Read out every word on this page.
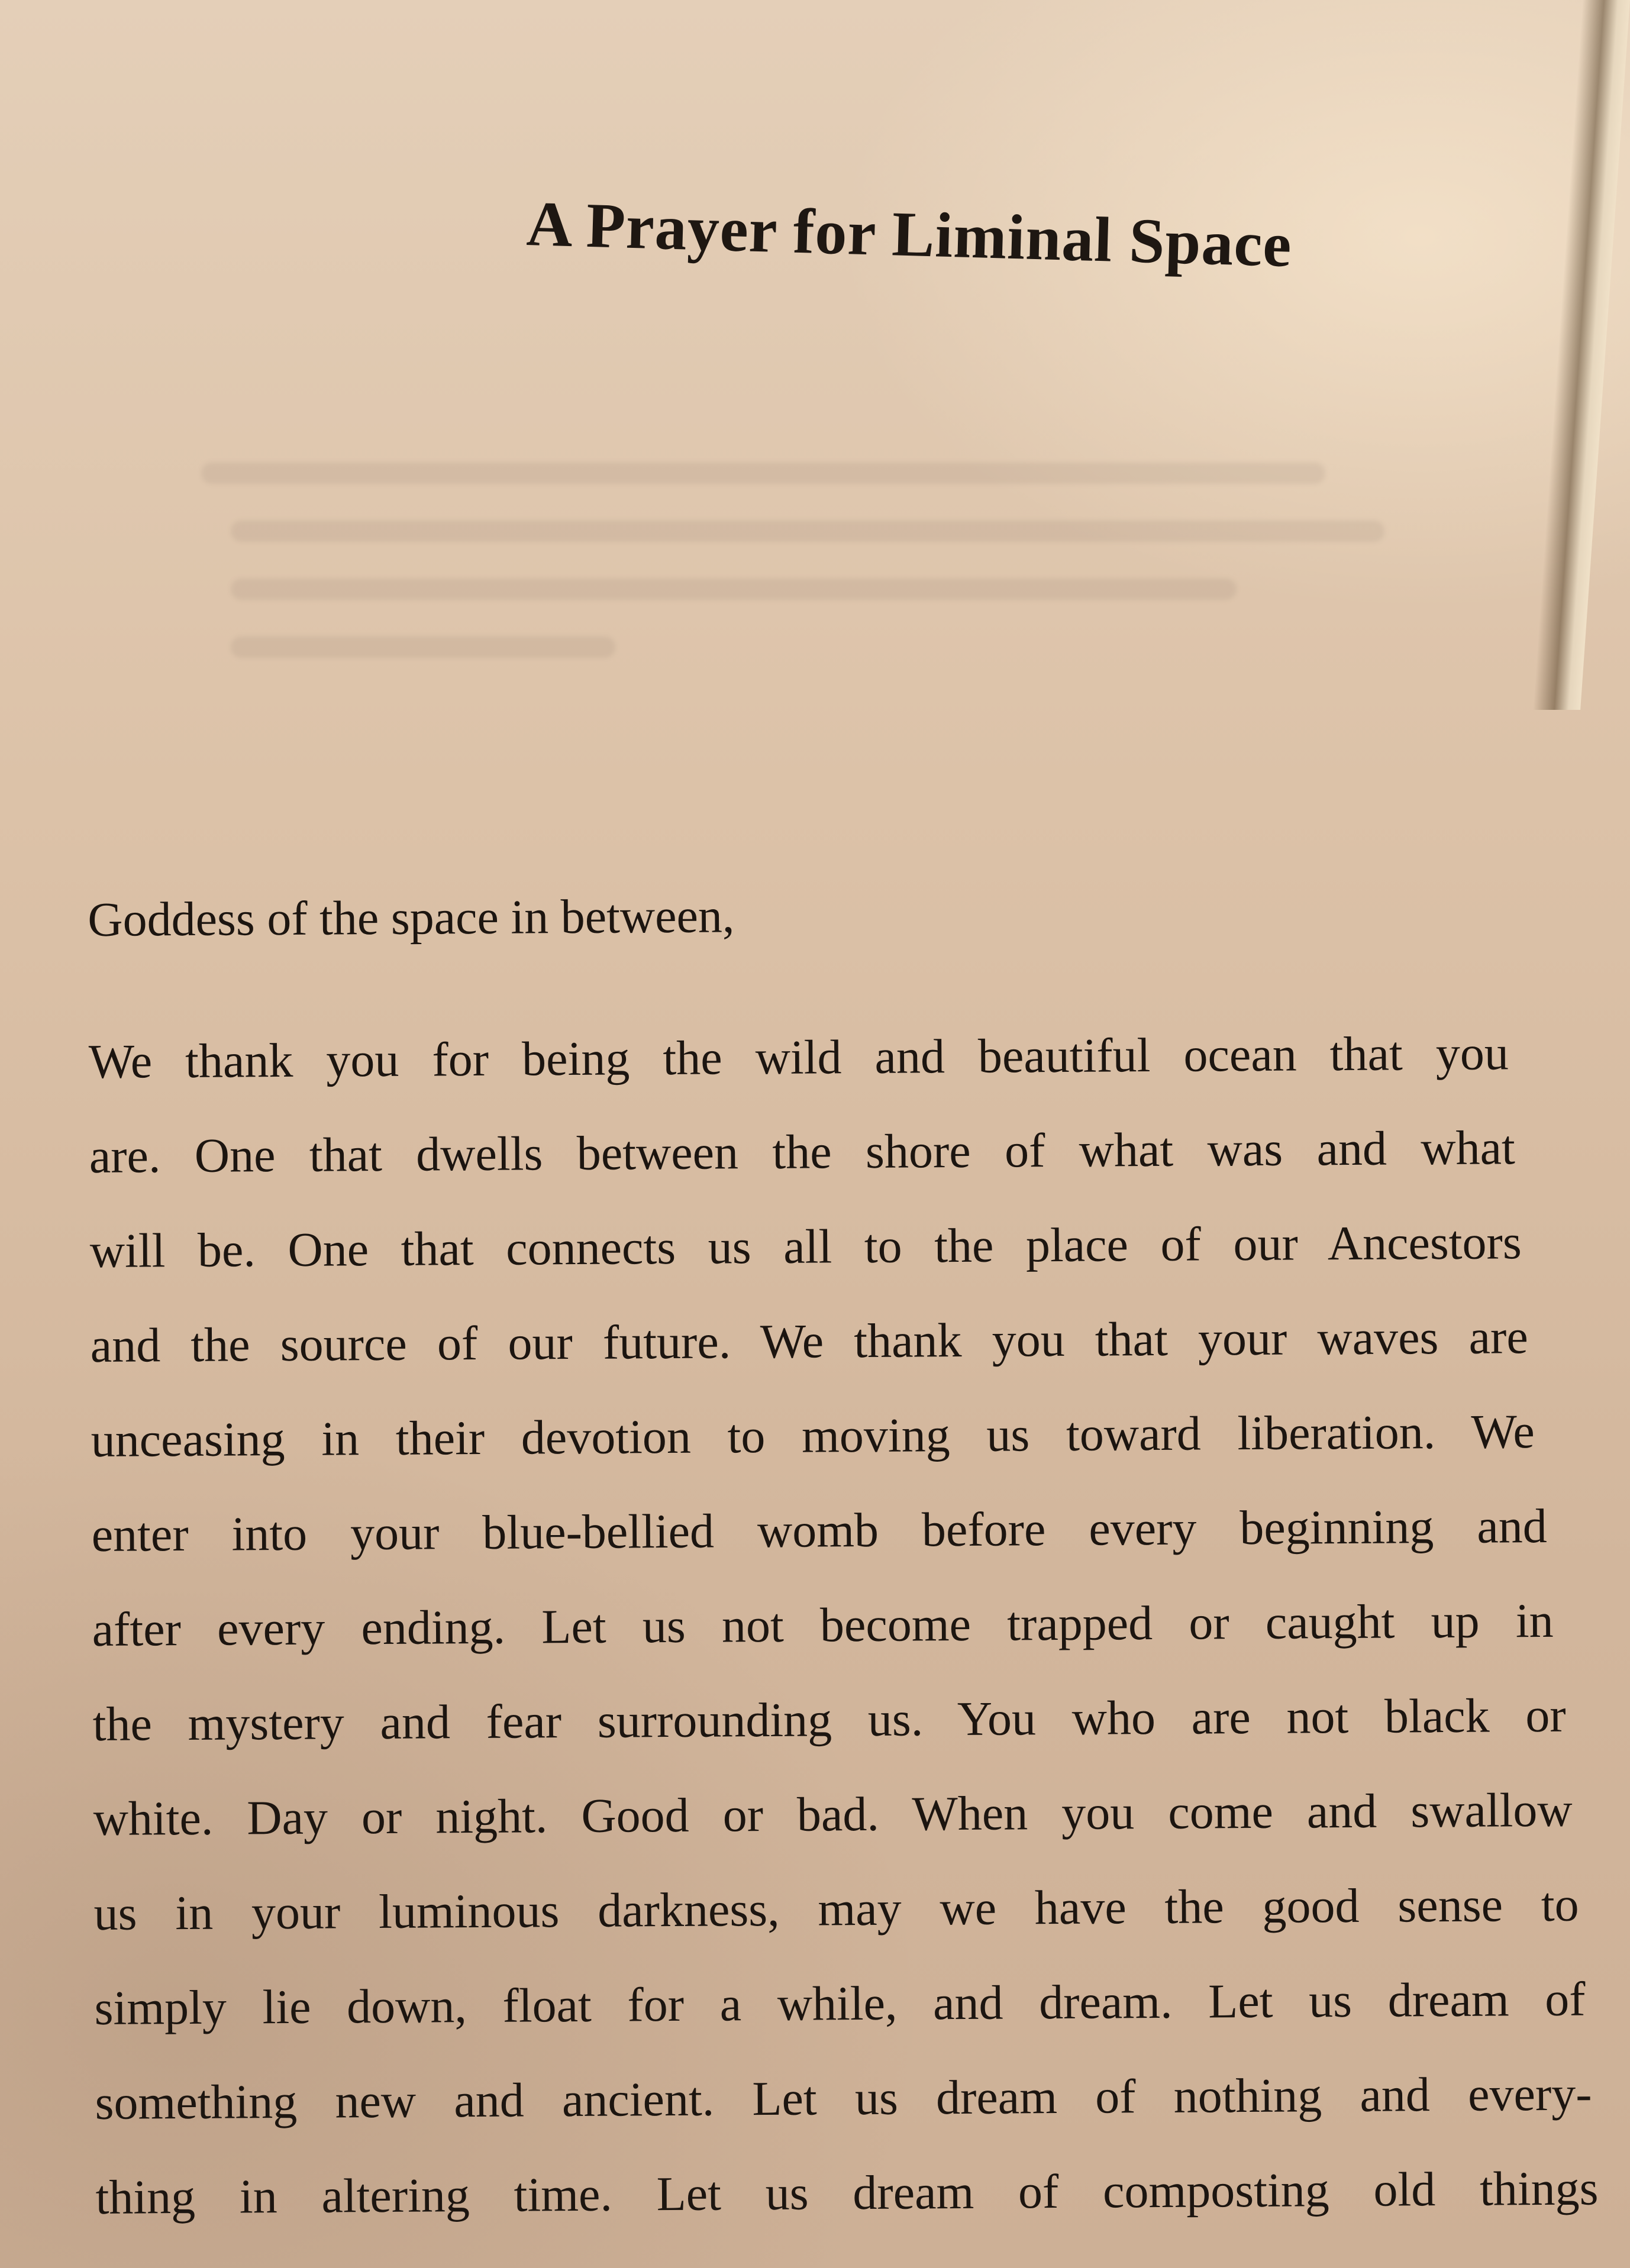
A Prayer for Liminal Space
Goddess of the space in between,
We thank you for being the wild and beautiful ocean that you
are. One that dwells between the shore of what was and what
will be. One that connects us all to the place of our Ancestors
and the source of our future. We thank you that your waves are
unceasing in their devotion to moving us toward liberation. We
enter into your blue-bellied womb before every beginning and
after every ending. Let us not become trapped or caught up in
the mystery and fear surrounding us. You who are not black or
white. Day or night. Good or bad. When you come and swallow
us in your luminous darkness, may we have the good sense to
simply lie down, float for a while, and dream. Let us dream of
something new and ancient. Let us dream of nothing and every-
thing in altering time. Let us dream of composting old things
